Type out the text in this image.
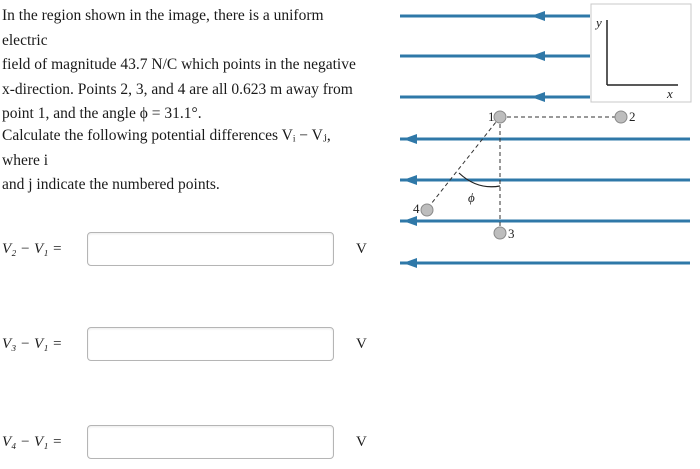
In the region shown in the image, there is a uniform electric

field of magnitude 43.7 N/C which points in the negative

x-direction. Points 2, 3, and 4 are all 0.623 m away from

point 1, and the angle ϕ = 31.1°.

Calculate the following potential differences Vᵢ − Vⱼ, where i

and j indicate the numbered points.

V₂ − V₁ =	V
V₃ − V₁ =	V
V₄ − V₁ =	V
y
x
ϕ
1	2
3
4
